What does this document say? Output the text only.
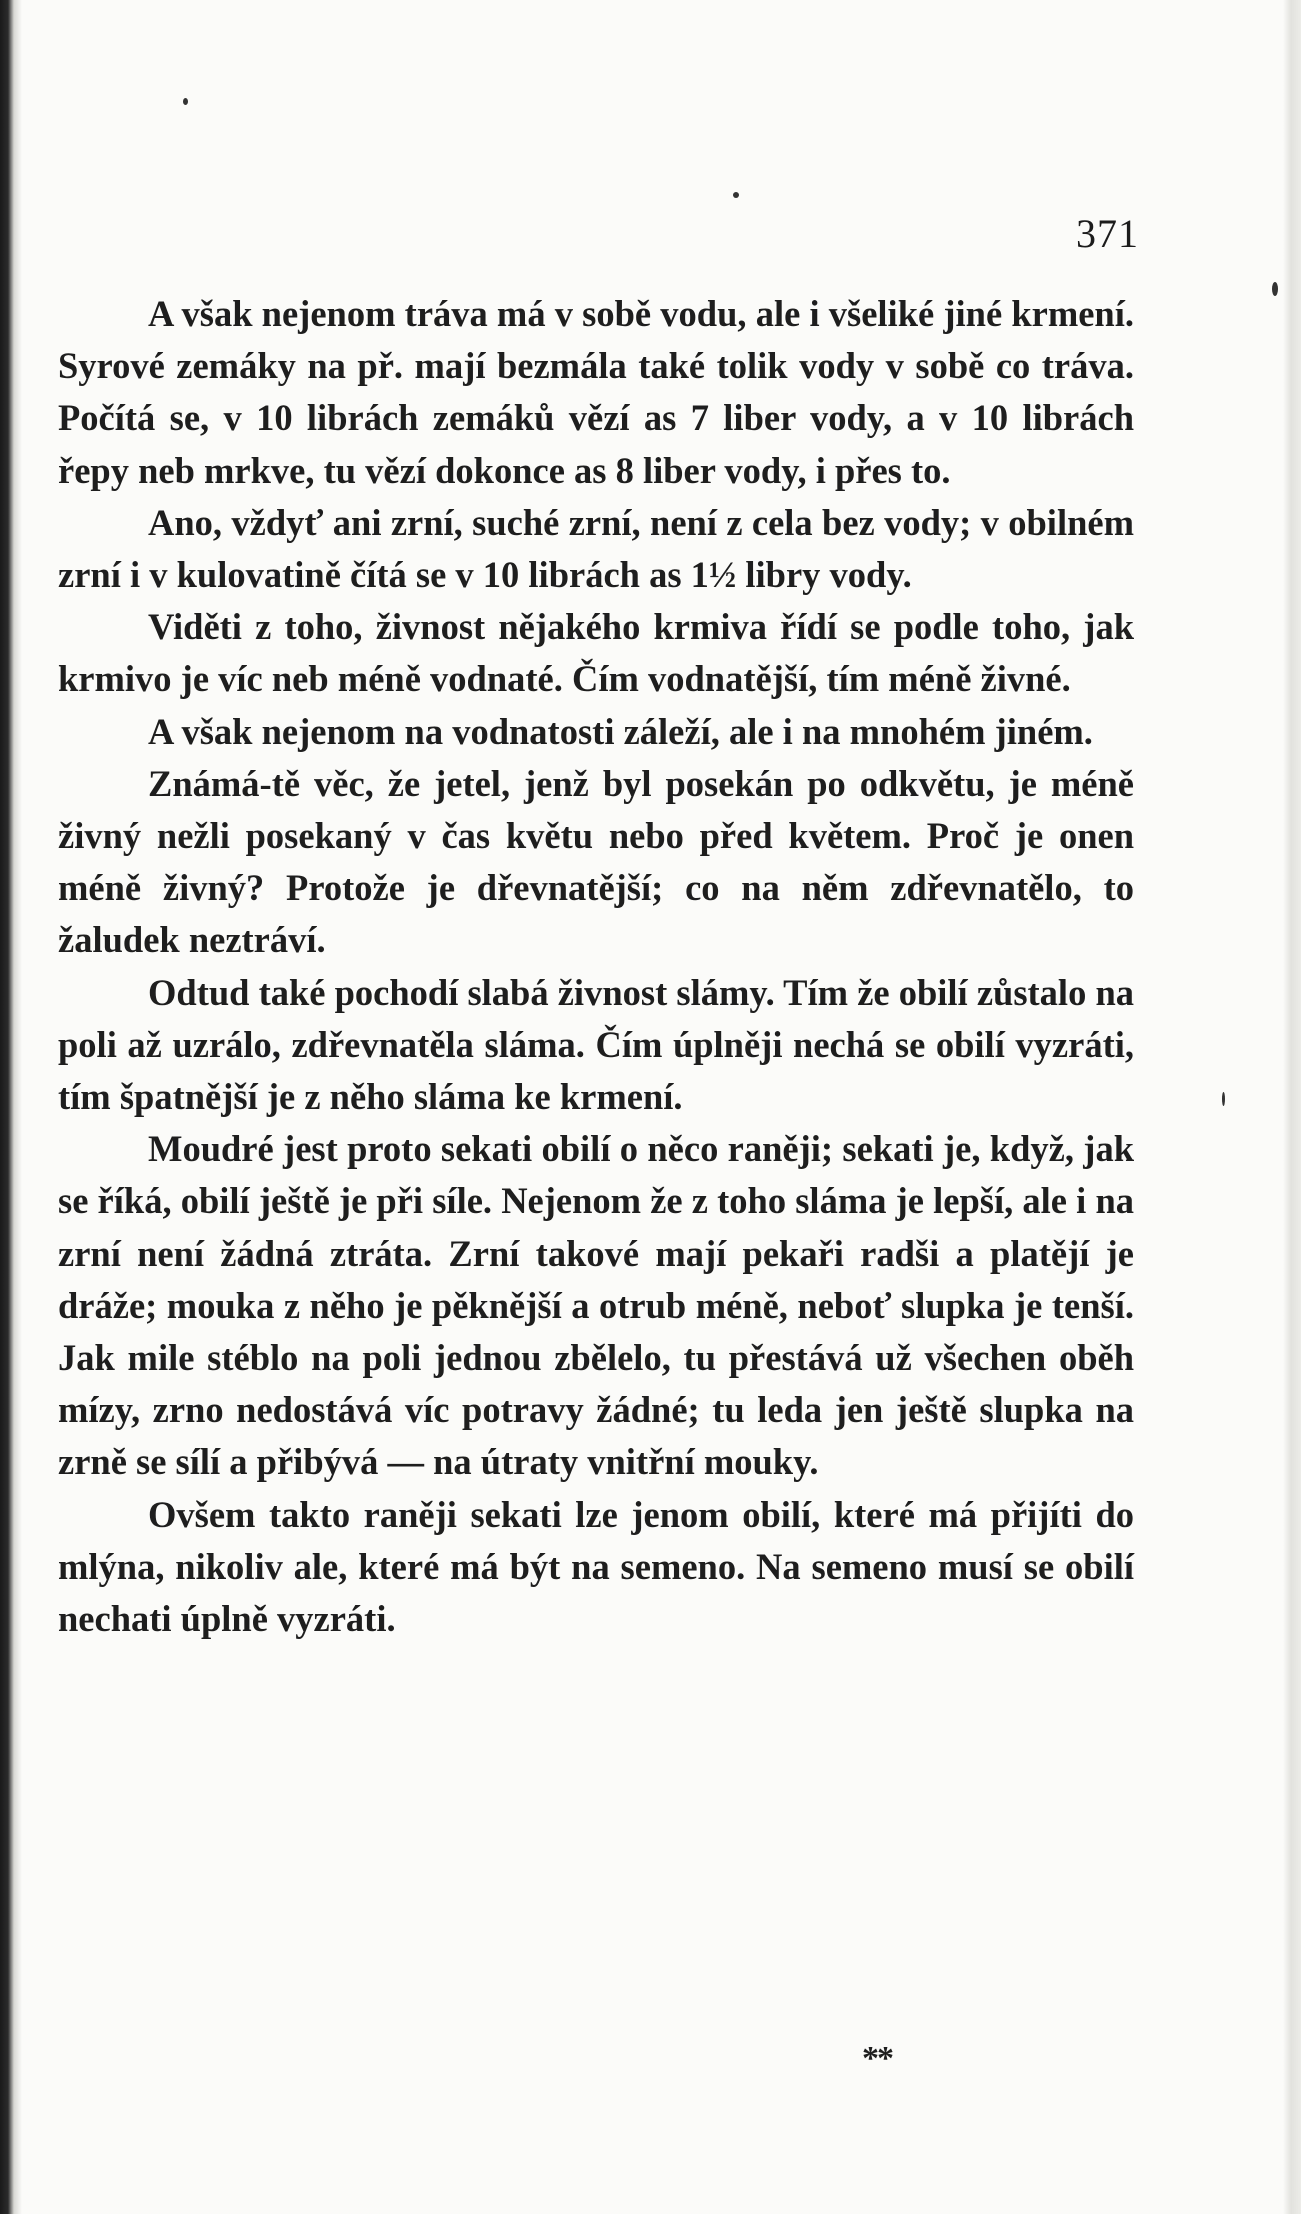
371

A však nejenom tráva má v sobě vodu, ale i všeliké jiné krmení. Syrové zemáky na př. mají bezmála také tolik vody v sobě co tráva. Počítá se, v 10 librách zemáků vězí as 7 liber vody, a v 10 librách řepy neb mrkve, tu vězí dokonce as 8 liber vody, i přes to.

Ano, vždyť ani zrní, suché zrní, není z cela bez vody; v obilném zrní i v kulovatině čítá se v 10 librách as 1½ libry vody.

Viděti z toho, živnost nějakého krmiva řídí se podle toho, jak krmivo je víc neb méně vodnaté. Čím vodnatější, tím méně živné.

A však nejenom na vodnatosti záleží, ale i na mnohém jiném.

Známá-tě věc, že jetel, jenž byl posekán po odkvětu, je méně živný nežli posekaný v čas květu nebo před květem. Proč je onen méně živný? Protože je dřevnatější; co na něm zdřevnatělo, to žaludek neztráví.

Odtud také pochodí slabá živnost slámy. Tím že obilí zůstalo na poli až uzrálo, zdřevnatěla sláma. Čím úplněji nechá se obilí vyzráti, tím špatnější je z něho sláma ke krmení.

Moudré jest proto sekati obilí o něco raněji; sekati je, když, jak se říká, obilí ještě je při síle. Nejenom že z toho sláma je lepší, ale i na zrní není žádná ztráta. Zrní takové mají pekaři radši a platějí je dráže; mouka z něho je pěknější a otrub méně, neboť slupka je tenší. Jak mile stéblo na poli jednou zbělelo, tu přestává už všechen oběh mízy, zrno nedostává víc potravy žádné; tu leda jen ještě slupka na zrně se sílí a přibývá — na útraty vnitřní mouky.

Ovšem takto raněji sekati lze jenom obilí, které má přijíti do mlýna, nikoliv ale, které má být na semeno. Na semeno musí se obilí nechati úplně vyzráti.

**
